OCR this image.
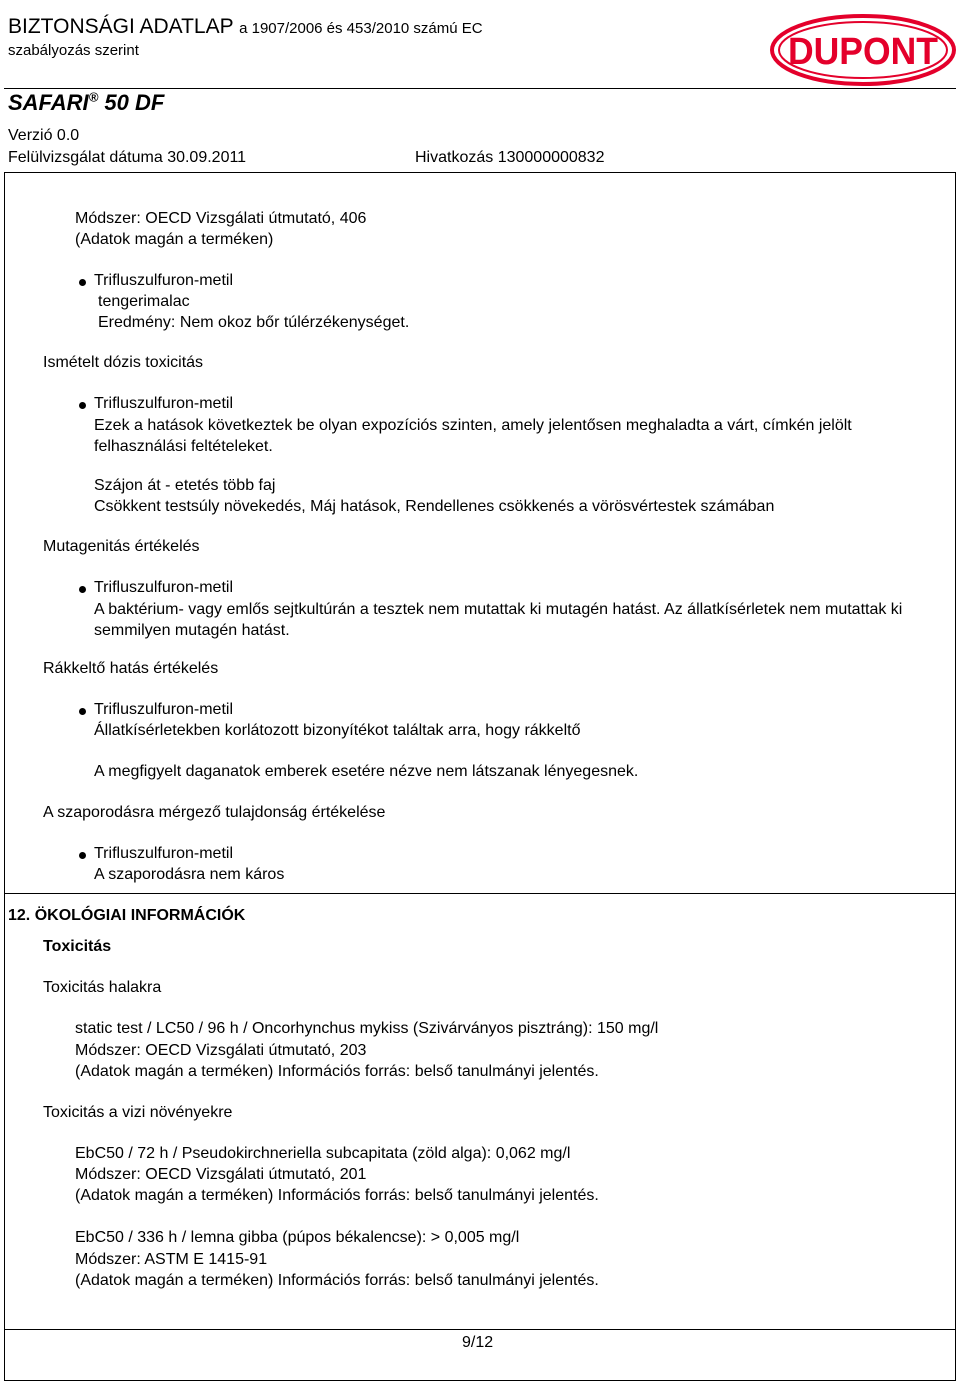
BIZTONSÁGI ADATLAP a 1907/2006 és 453/2010 számú EC
szabályozás szerint	DUPONT
SAFARI® 50 DF
Verzió 0.0
Felülvizsgálat dátuma 30.09.2011	Hivatkozás 130000000832
Módszer: OECD Vizsgálati útmutató, 406
(Adatok magán a terméken)
Trifluszulfuron-metil
tengerimalac
Eredmény: Nem okoz bőr túlérzékenységet.
Ismételt dózis toxicitás
Trifluszulfuron-metil
Ezek a hatások következtek be olyan expozíciós szinten, amely jelentősen meghaladta a várt, címkén jelölt felhasználási feltételeket.
Szájon át - etetés több faj
Csökkent testsúly növekedés, Máj hatások, Rendellenes csökkenés a vörösvértestek számában
Mutagenitás értékelés
Trifluszulfuron-metil
A baktérium- vagy emlős sejtkultúrán a tesztek nem mutattak ki mutagén hatást. Az állatkísérletek nem mutattak ki semmilyen mutagén hatást.
Rákkeltő hatás értékelés
Trifluszulfuron-metil
Állatkísérletekben korlátozott bizonyítékot találtak arra, hogy rákkeltő
A megfigyelt daganatok emberek esetére nézve nem látszanak lényegesnek.
A szaporodásra mérgező tulajdonság értékelése
Trifluszulfuron-metil
A szaporodásra nem káros
12. ÖKOLÓGIAI INFORMÁCIÓK
Toxicitás
Toxicitás halakra
static test / LC50 / 96 h / Oncorhynchus mykiss (Szivárványos pisztráng): 150 mg/l
Módszer: OECD Vizsgálati útmutató, 203
(Adatok magán a terméken) Információs forrás: belső tanulmányi jelentés.
Toxicitás a vizi növényekre
EbC50 / 72 h / Pseudokirchneriella subcapitata (zöld alga): 0,062 mg/l
Módszer: OECD Vizsgálati útmutató, 201
(Adatok magán a terméken) Információs forrás: belső tanulmányi jelentés.
EbC50 / 336 h / lemna gibba (púpos békalencse): > 0,005 mg/l
Módszer: ASTM E 1415-91
(Adatok magán a terméken) Információs forrás: belső tanulmányi jelentés.
9/12
